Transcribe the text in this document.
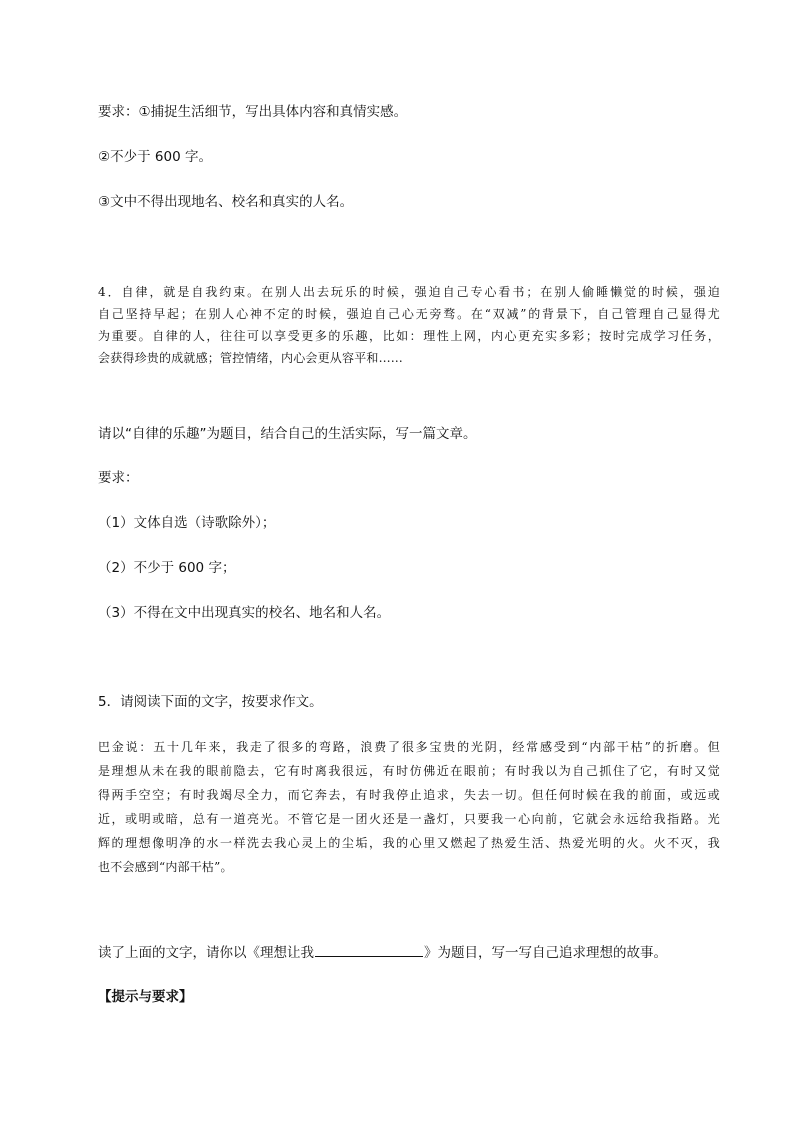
要求：①捕捉生活细节，写出具体内容和真情实感。
②不少于 600 字。
③文中不得出现地名、校名和真实的人名。
4．自律，就是自我约束。在别人出去玩乐的时候，强迫自己专心看书；在别人偷睡懒觉的时候，强迫
自己坚持早起；在别人心神不定的时候，强迫自己心无旁骛。在“双减”的背景下，自己管理自己显得尤
为重要。自律的人，往往可以享受更多的乐趣，比如：理性上网，内心更充实多彩；按时完成学习任务，
会获得珍贵的成就感；管控情绪，内心会更从容平和……
请以“自律的乐趣”为题目，结合自己的生活实际，写一篇文章。
要求：
（1）文体自选（诗歌除外）；
（2）不少于 600 字；
（3）不得在文中出现真实的校名、地名和人名。
5．请阅读下面的文字，按要求作文。
巴金说：五十几年来，我走了很多的弯路，浪费了很多宝贵的光阴，经常感受到“内部干枯”的折磨。但
是理想从未在我的眼前隐去，它有时离我很远，有时仿佛近在眼前；有时我以为自己抓住了它，有时又觉
得两手空空；有时我竭尽全力，而它奔去，有时我停止追求，失去一切。但任何时候在我的前面，或远或
近，或明或暗，总有一道亮光。不管它是一团火还是一盏灯，只要我一心向前，它就会永远给我指路。光
辉的理想像明净的水一样洗去我心灵上的尘垢，我的心里又燃起了热爱生活、热爱光明的火。火不灭，我
也不会感到“内部干枯”。
读了上面的文字，请你以《理想让我	》为题目，写一写自己追求理想的故事。
【提示与要求】
